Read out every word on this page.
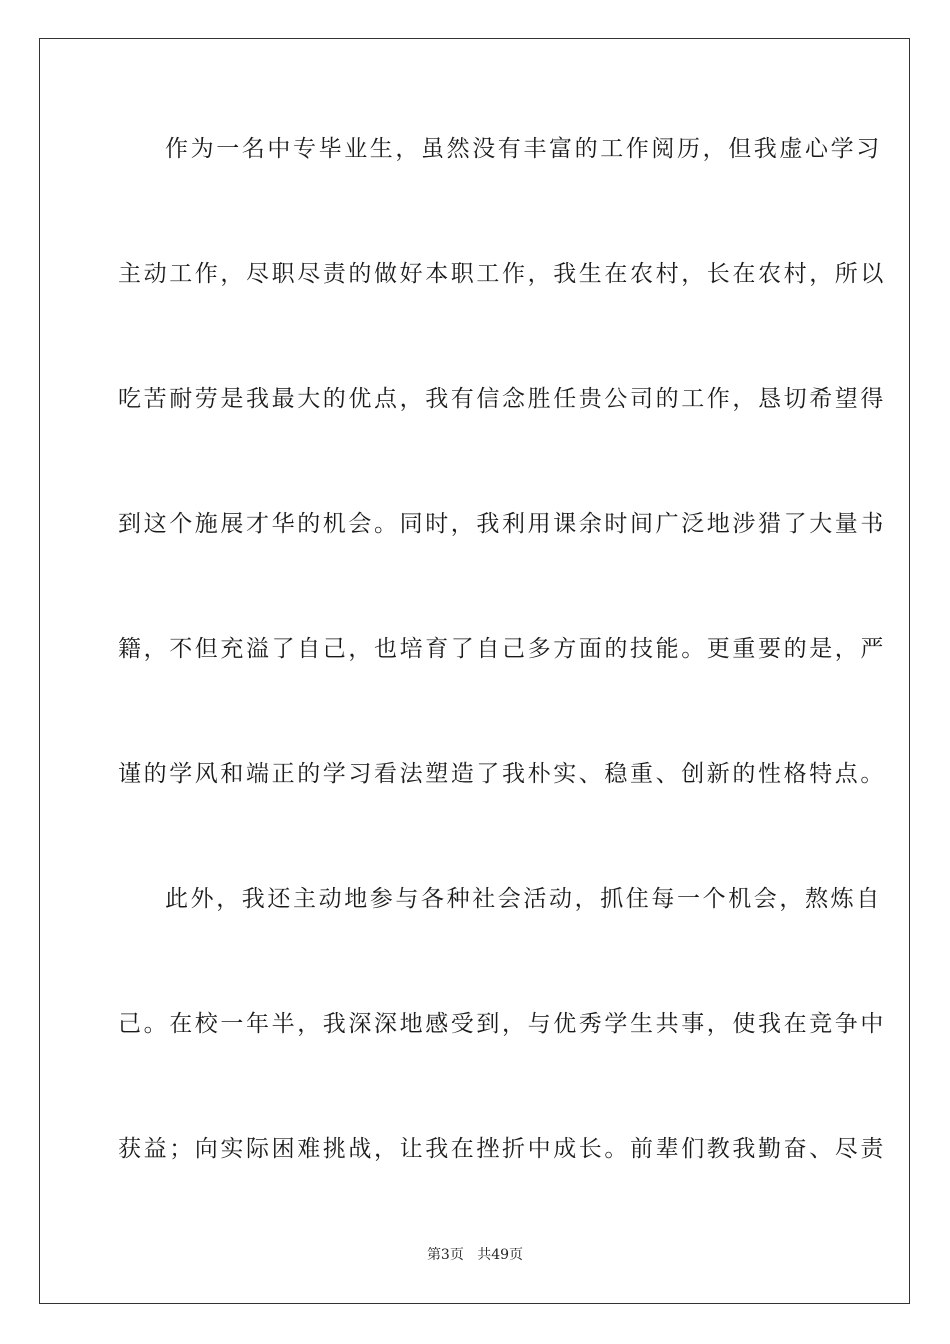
作为一名中专毕业生，虽然没有丰富的工作阅历，但我虚心学习
主动工作，尽职尽责的做好本职工作，我生在农村，长在农村，所以
吃苦耐劳是我最大的优点，我有信念胜任贵公司的工作，恳切希望得
到这个施展才华的机会。同时，我利用课余时间广泛地涉猎了大量书
籍，不但充溢了自己，也培育了自己多方面的技能。更重要的是，严
谨的学风和端正的学习看法塑造了我朴实、稳重、创新的性格特点。
此外，我还主动地参与各种社会活动，抓住每一个机会，熬炼自
己。在校一年半，我深深地感受到，与优秀学生共事，使我在竞争中
获益；向实际困难挑战，让我在挫折中成长。前辈们教我勤奋、尽责
第3页 共49页
